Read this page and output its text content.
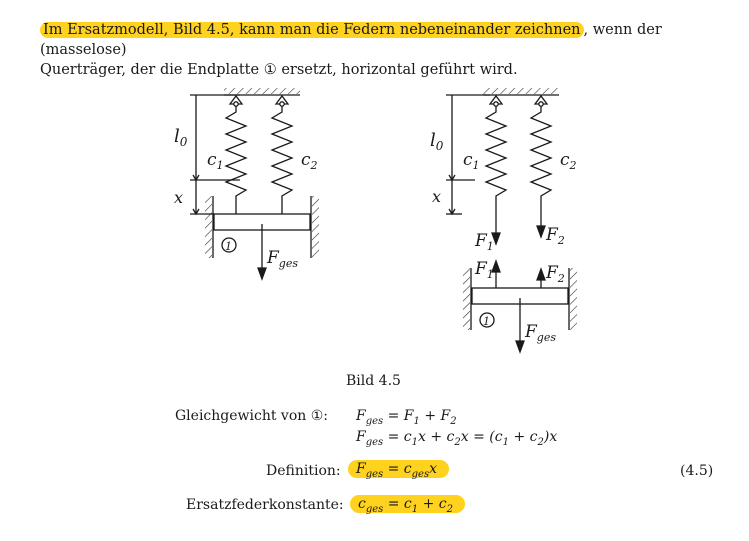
Im Ersatzmodell, Bild 4.5, kann man die Federn nebeneinander zeichnen , wenn der (masselose)
Querträger, der die Endplatte ① ersetzt, horizontal geführt wird.
$l_0$
x
$c_1$	$c_2$
1
$F_{ges}$
$l_0$
x
$c_1$	$c_2$
$F_1$
$F_2$
$F_1$	$F_2$
1
$F_{ges}$
Bild 4.5
Gleichgewicht von ①: $F_{ges} = F_1 + F_2$
$F_{ges} = c_1x + c_2x = (c_1 + c_2)x$
Definition:	$F_{ges} = c_{ges}x$	(4.5)
Ersatzfederkonstante:	$c_{ges} = c_1 + c_2$
